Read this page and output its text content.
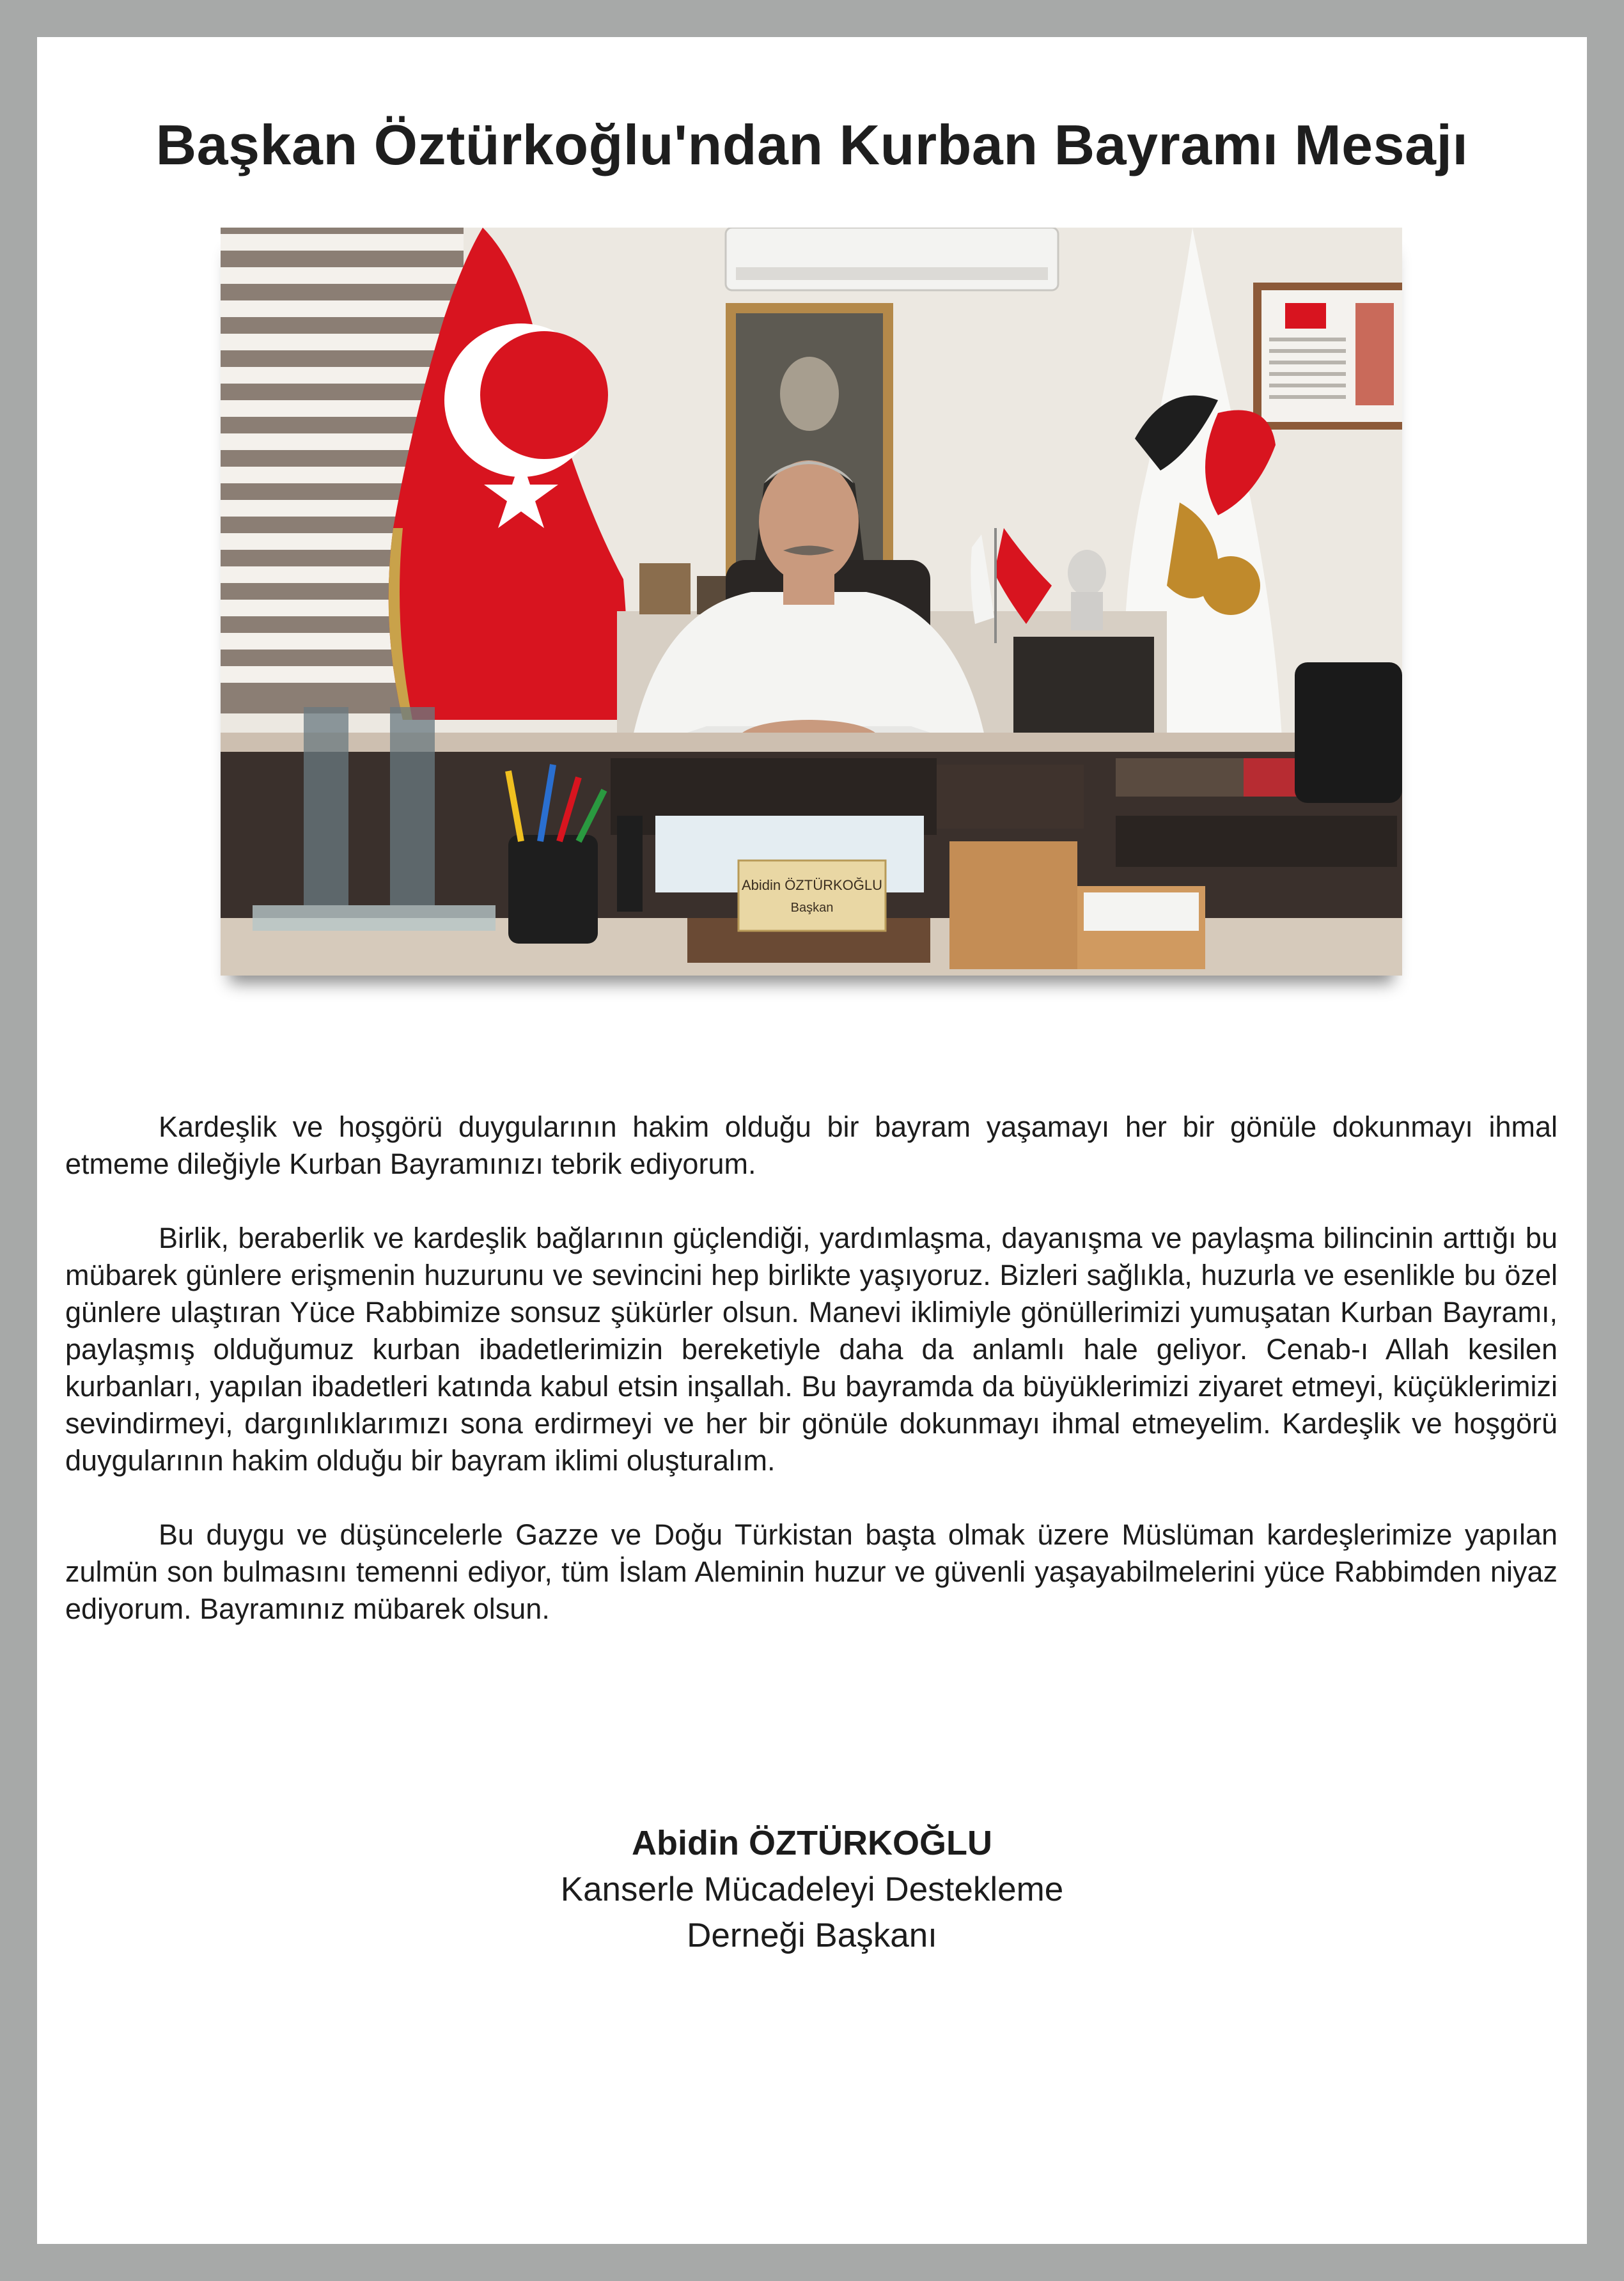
Başkan Öztürkoğlu'ndan Kurban Bayramı Mesajı
Abidin ÖZTÜRKOĞLU
Başkan

Kardeşlik ve hoşgörü duygularının hakim olduğu bir bayram yaşamayı her bir gönüle dokunmayı ihmal etmeme dileğiyle Kurban Bayramınızı tebrik ediyorum.

Birlik, beraberlik ve kardeşlik bağlarının güçlendiği, yardımlaşma, dayanışma ve paylaşma bilincinin arttığı bu mübarek günlere erişmenin huzurunu ve sevincini hep birlikte yaşıyoruz. Bizleri sağlıkla, huzurla ve esenlikle bu özel günlere ulaştıran Yüce Rabbimize sonsuz şükürler olsun. Manevi iklimiyle gönüllerimizi yumuşatan Kurban Bayramı, paylaşmış olduğumuz kurban ibadetlerimizin bereketiyle daha da anlamlı hale geliyor. Cenab-ı Allah kesilen kurbanları, yapılan ibadetleri katında kabul etsin inşallah. Bu bayramda da büyüklerimizi ziyaret etmeyi, küçüklerimizi sevindirmeyi, dargınlıklarımızı sona erdirmeyi ve her bir gönüle dokunmayı ihmal etmeyelim. Kardeşlik ve hoşgörü duygularının hakim olduğu bir bayram iklimi oluşturalım.

Bu duygu ve düşüncelerle Gazze ve Doğu Türkistan başta olmak üzere Müslüman kardeşlerimize yapılan zulmün son bulmasını temenni ediyor, tüm İslam Aleminin huzur ve güvenli yaşayabilmelerini yüce Rabbimden niyaz ediyorum. Bayramınız mübarek olsun.

Abidin ÖZTÜRKOĞLU
Kanserle Mücadeleyi Destekleme
Derneği Başkanı
